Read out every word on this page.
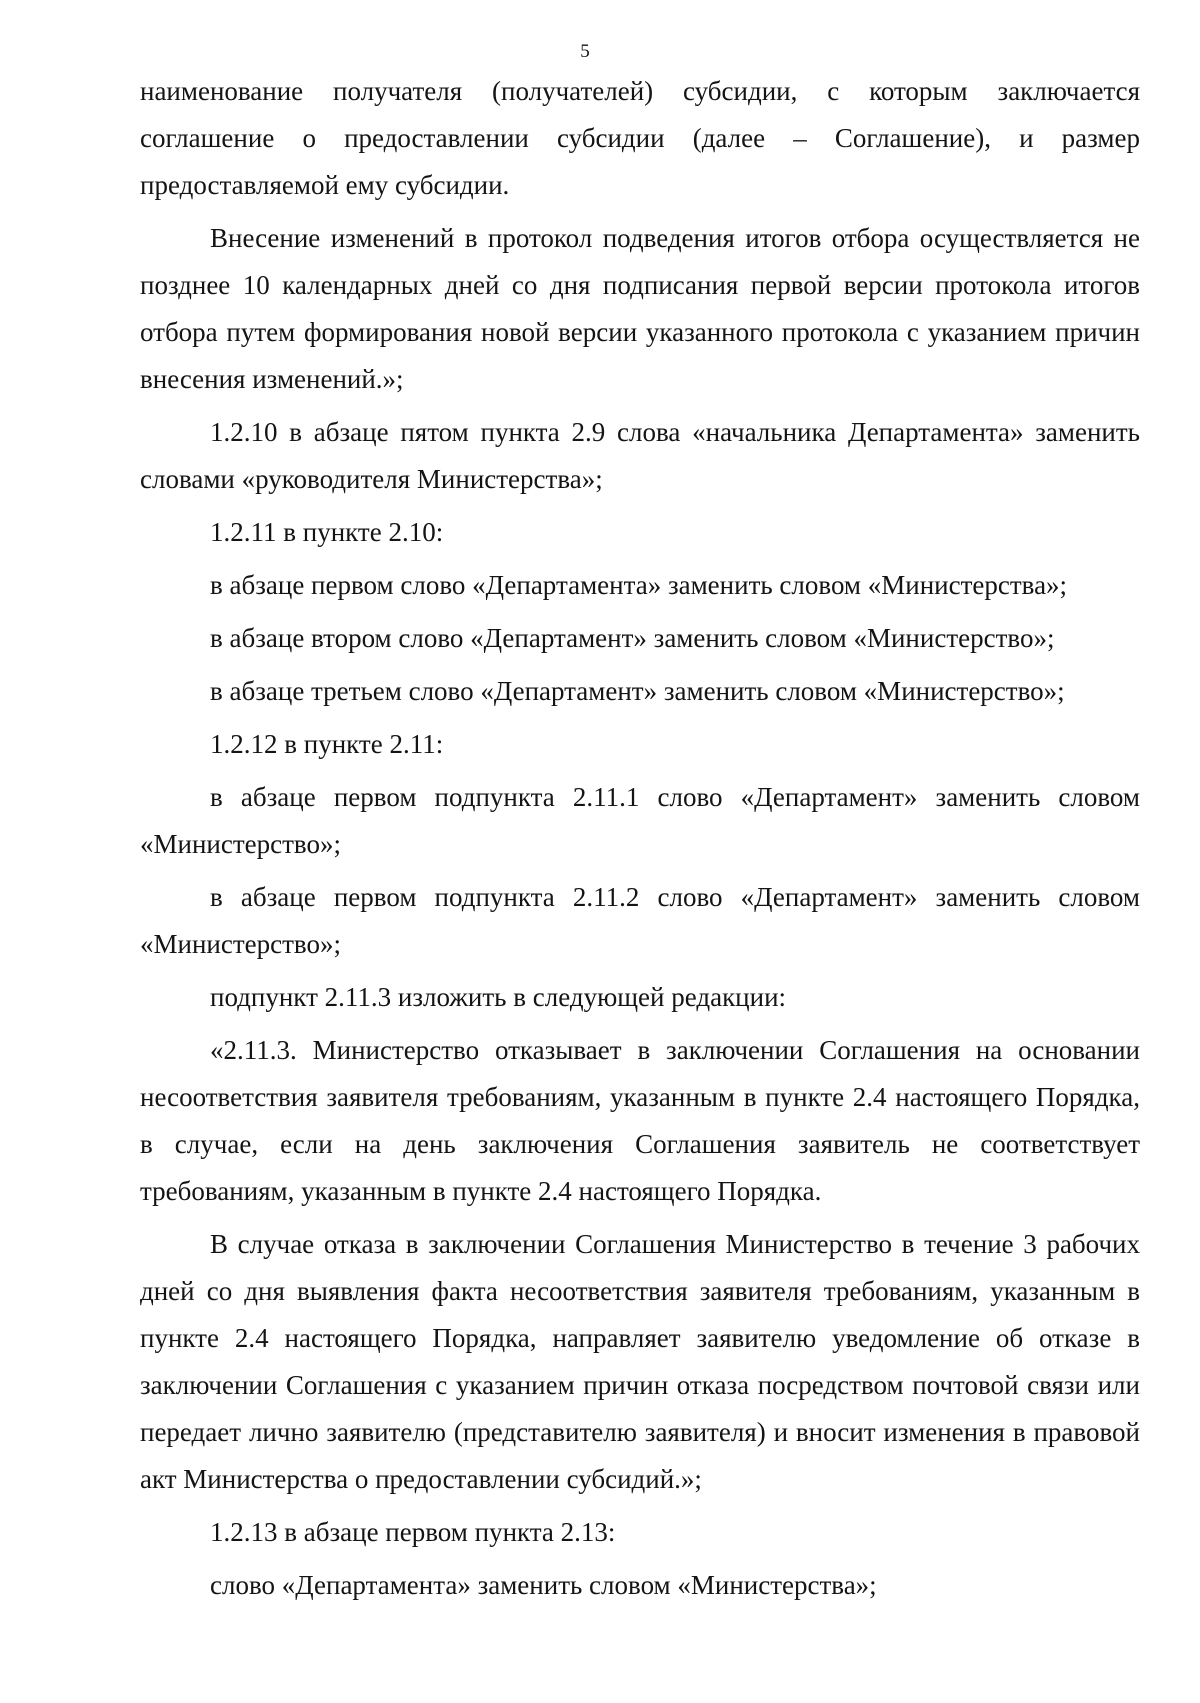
5

наименование получателя (получателей) субсидии, с которым заключается соглашение о предоставлении субсидии (далее – Соглашение), и размер предоставляемой ему субсидии.

Внесение изменений в протокол подведения итогов отбора осуществляется не позднее 10 календарных дней со дня подписания первой версии протокола итогов отбора путем формирования новой версии указанного протокола с указанием причин внесения изменений.»;

1.2.10 в абзаце пятом пункта 2.9 слова «начальника Департамента» заменить словами «руководителя Министерства»;

1.2.11 в пункте 2.10:

в абзаце первом слово «Департамента» заменить словом «Министерства»;

в абзаце втором слово «Департамент» заменить словом «Министерство»;

в абзаце третьем слово «Департамент» заменить словом «Министерство»;

1.2.12 в пункте 2.11:

в абзаце первом подпункта 2.11.1 слово «Департамент» заменить словом «Министерство»;

в абзаце первом подпункта 2.11.2 слово «Департамент» заменить словом «Министерство»;

подпункт 2.11.3 изложить в следующей редакции:

«2.11.3. Министерство отказывает в заключении Соглашения на основании несоответствия заявителя требованиям, указанным в пункте 2.4 настоящего Порядка, в случае, если на день заключения Соглашения заявитель не соответствует требованиям, указанным в пункте 2.4 настоящего Порядка.

В случае отказа в заключении Соглашения Министерство в течение 3 рабочих дней со дня выявления факта несоответствия заявителя требованиям, указанным в пункте 2.4 настоящего Порядка, направляет заявителю уведомление об отказе в заключении Соглашения с указанием причин отказа посредством почтовой связи или передает лично заявителю (представителю заявителя) и вносит изменения в правовой акт Министерства о предоставлении субсидий.»;

1.2.13 в абзаце первом пункта 2.13:

слово «Департамента» заменить словом «Министерства»;
